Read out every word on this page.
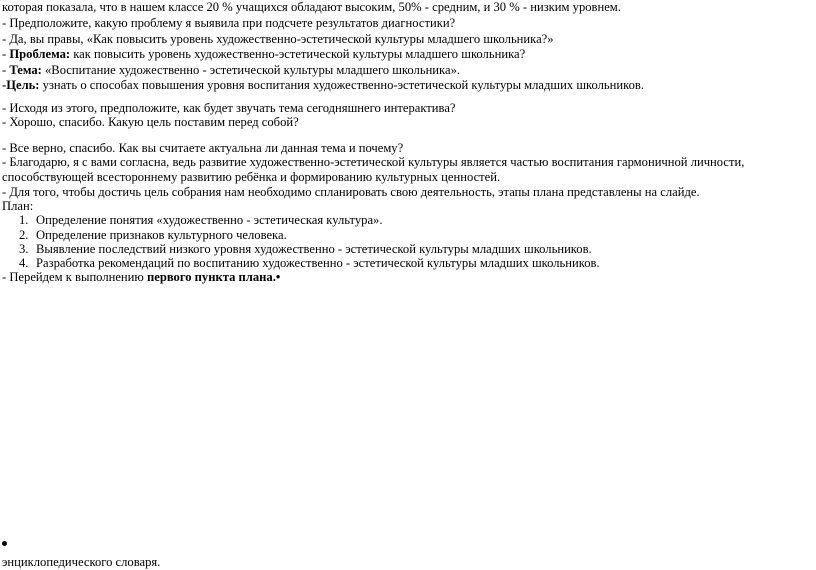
которая показала, что в нашем классе 20 % учащихся обладают высоким, 50% - средним, и 30 % - низким уровнем.
- Предположите, какую проблему я выявила при подсчете результатов диагностики?
- Да, вы правы, «Как повысить уровень художественно-эстетической культуры младшего школьника?»
- Проблема: как повысить уровень художественно-эстетической культуры младшего школьника?
- Тема: «Воспитание художественно - эстетической культуры младшего школьника».
-Цель: узнать о способах повышения уровня воспитания художественно-эстетической культуры младших школьников.
- Исходя из этого, предположите, как будет звучать тема сегодняшнего интерактива?
- Хорошо, спасибо. Какую цель поставим перед собой?
- Все верно, спасибо. Как вы считаете актуальна ли данная тема и почему?
- Благодарю, я с вами согласна, ведь развитие художественно-эстетической культуры является частью воспитания гармоничной личности,
способствующей всестороннему развитию ребёнка и формированию культурных ценностей.
- Для того, чтобы достичь цель собрания нам необходимо спланировать свою деятельность, этапы плана представлены на слайде.
План:
1. Определение понятия «художественно - эстетическая культура».
2. Определение признаков культурного человека.
3. Выявление последствий низкого уровня художественно - эстетической культуры младших школьников.
4. Разработка рекомендаций по воспитанию художественно - эстетической культуры младших школьников.
- Перейдем к выполнению первого пункта плана.•
энциклопедического словаря.
